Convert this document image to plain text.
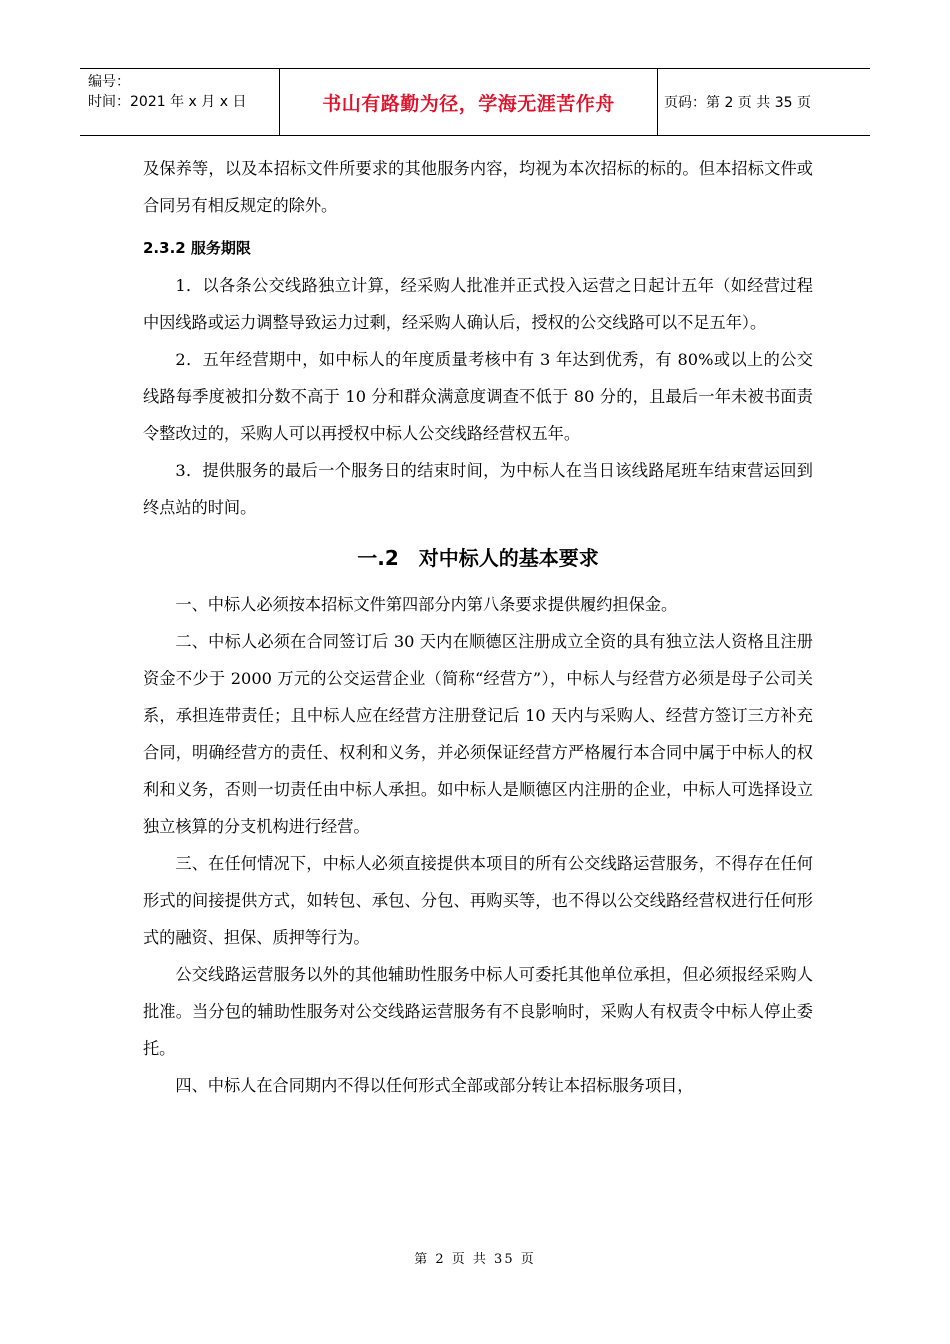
编号：
时间：2021 年 x 月 x 日	书山有路勤为径，学海无涯苦作舟	页码：第 2 页 共 35 页

及保养等，以及本招标文件所要求的其他服务内容，均视为本次招标的标的。但本招标文件或合同另有相反规定的除外。

2.3.2 服务期限

1．以各条公交线路独立计算，经采购人批准并正式投入运营之日起计五年（如经营过程中因线路或运力调整导致运力过剩，经采购人确认后，授权的公交线路可以不足五年）。

2．五年经营期中，如中标人的年度质量考核中有 3 年达到优秀，有 80%或以上的公交线路每季度被扣分数不高于 10 分和群众满意度调查不低于 80 分的，且最后一年未被书面责令整改过的，采购人可以再授权中标人公交线路经营权五年。

3．提供服务的最后一个服务日的结束时间，为中标人在当日该线路尾班车结束营运回到终点站的时间。

一.2　对中标人的基本要求

一、中标人必须按本招标文件第四部分内第八条要求提供履约担保金。

二、中标人必须在合同签订后 30 天内在顺德区注册成立全资的具有独立法人资格且注册资金不少于 2000 万元的公交运营企业（简称“经营方”），中标人与经营方必须是母子公司关系，承担连带责任；且中标人应在经营方注册登记后 10 天内与采购人、经营方签订三方补充合同，明确经营方的责任、权利和义务，并必须保证经营方严格履行本合同中属于中标人的权利和义务，否则一切责任由中标人承担。如中标人是顺德区内注册的企业，中标人可选择设立独立核算的分支机构进行经营。

三、在任何情况下，中标人必须直接提供本项目的所有公交线路运营服务，不得存在任何形式的间接提供方式，如转包、承包、分包、再购买等，也不得以公交线路经营权进行任何形式的融资、担保、质押等行为。

公交线路运营服务以外的其他辅助性服务中标人可委托其他单位承担，但必须报经采购人批准。当分包的辅助性服务对公交线路运营服务有不良影响时，采购人有权责令中标人停止委托。

四、中标人在合同期内不得以任何形式全部或部分转让本招标服务项目，

第 2 页 共 35 页
